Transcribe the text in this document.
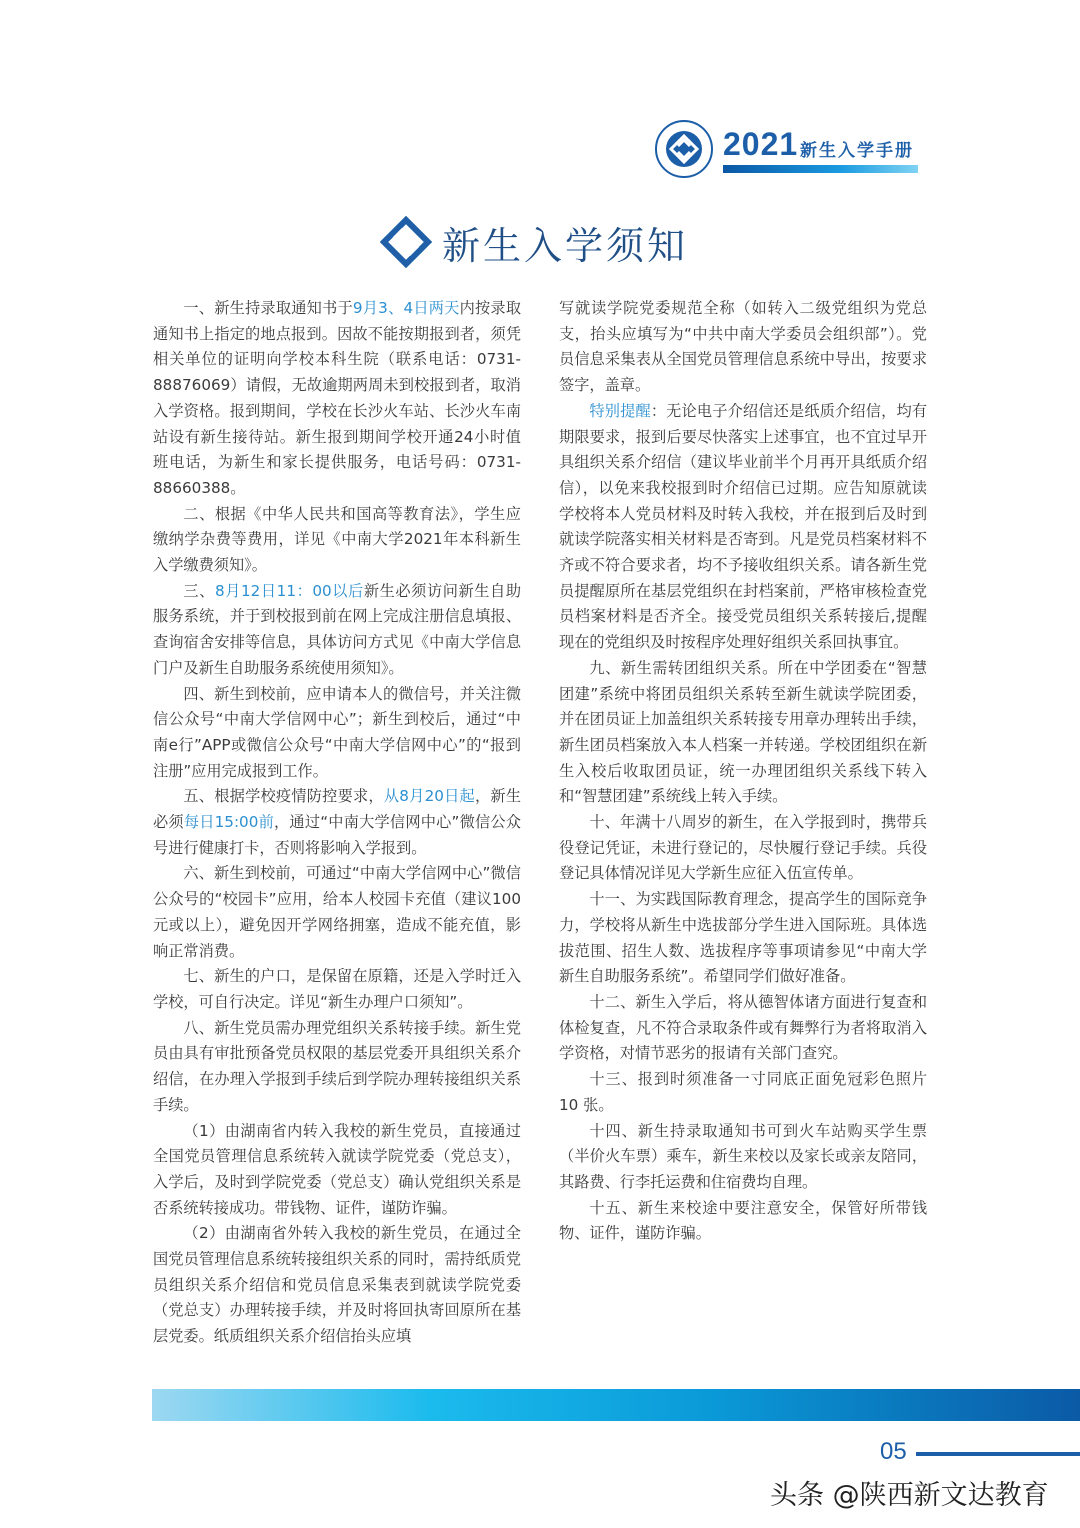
2021 新生入学手册
新生入学须知

一、新生持录取通知书于9月3、4日两天内按录取通知书上指定的地点报到。因故不能按期报到者，须凭相关单位的证明向学校本科生院（联系电话：0731-88876069）请假，无故逾期两周未到校报到者，取消入学资格。报到期间，学校在长沙火车站、长沙火车南站设有新生接待站。新生报到期间学校开通24小时值班电话，为新生和家长提供服务，电话号码：0731-88660388。

二、根据《中华人民共和国高等教育法》，学生应缴纳学杂费等费用，详见《中南大学2021年本科新生入学缴费须知》。

三、8月12日11：00以后新生必须访问新生自助服务系统，并于到校报到前在网上完成注册信息填报、查询宿舍安排等信息，具体访问方式见《中南大学信息门户及新生自助服务系统使用须知》。

四、新生到校前，应申请本人的微信号，并关注微信公众号“中南大学信网中心”；新生到校后，通过“中南e行”APP或微信公众号“中南大学信网中心”的“报到注册”应用完成报到工作。

五、根据学校疫情防控要求，从8月20日起，新生必须每日15:00前，通过“中南大学信网中心”微信公众号进行健康打卡，否则将影响入学报到。

六、新生到校前，可通过“中南大学信网中心”微信公众号的“校园卡”应用，给本人校园卡充值（建议100元或以上），避免因开学网络拥塞，造成不能充值，影响正常消费。

七、新生的户口，是保留在原籍，还是入学时迁入学校，可自行决定。详见“新生办理户口须知”。

八、新生党员需办理党组织关系转接手续。新生党员由具有审批预备党员权限的基层党委开具组织关系介绍信，在办理入学报到手续后到学院办理转接组织关系手续。

（1）由湖南省内转入我校的新生党员，直接通过全国党员管理信息系统转入就读学院党委（党总支），入学后，及时到学院党委（党总支）确认党组织关系是否系统转接成功。带钱物、证件，谨防诈骗。

（2）由湖南省外转入我校的新生党员，在通过全国党员管理信息系统转接组织关系的同时，需持纸质党员组织关系介绍信和党员信息采集表到就读学院党委（党总支）办理转接手续，并及时将回执寄回原所在基层党委。纸质组织关系介绍信抬头应填

写就读学院党委规范全称（如转入二级党组织为党总支，抬头应填写为“中共中南大学委员会组织部”）。党员信息采集表从全国党员管理信息系统中导出，按要求签字，盖章。

特别提醒：无论电子介绍信还是纸质介绍信，均有期限要求，报到后要尽快落实上述事宜，也不宜过早开具组织关系介绍信（建议毕业前半个月再开具纸质介绍信），以免来我校报到时介绍信已过期。应告知原就读学校将本人党员材料及时转入我校，并在报到后及时到就读学院落实相关材料是否寄到。凡是党员档案材料不齐或不符合要求者，均不予接收组织关系。请各新生党员提醒原所在基层党组织在封档案前，严格审核检查党员档案材料是否齐全。接受党员组织关系转接后,提醒现在的党组织及时按程序处理好组织关系回执事宜。

九、新生需转团组织关系。所在中学团委在“智慧团建”系统中将团员组织关系转至新生就读学院团委，并在团员证上加盖组织关系转接专用章办理转出手续，新生团员档案放入本人档案一并转递。学校团组织在新生入校后收取团员证，统一办理团组织关系线下转入和“智慧团建”系统线上转入手续。

十、年满十八周岁的新生，在入学报到时，携带兵役登记凭证，未进行登记的，尽快履行登记手续。兵役登记具体情况详见大学新生应征入伍宣传单。

十一、为实践国际教育理念，提高学生的国际竞争力，学校将从新生中选拔部分学生进入国际班。具体选拔范围、招生人数、选拔程序等事项请参见“中南大学新生自助服务系统”。希望同学们做好准备。

十二、新生入学后，将从德智体诸方面进行复查和体检复查，凡不符合录取条件或有舞弊行为者将取消入学资格，对情节恶劣的报请有关部门查究。

十三、报到时须准备一寸同底正面免冠彩色照片10 张。

十四、新生持录取通知书可到火车站购买学生票（半价火车票）乘车，新生来校以及家长或亲友陪同，其路费、行李托运费和住宿费均自理。

十五、新生来校途中要注意安全，保管好所带钱物、证件，谨防诈骗。

05
头条 @陕西新文达教育
